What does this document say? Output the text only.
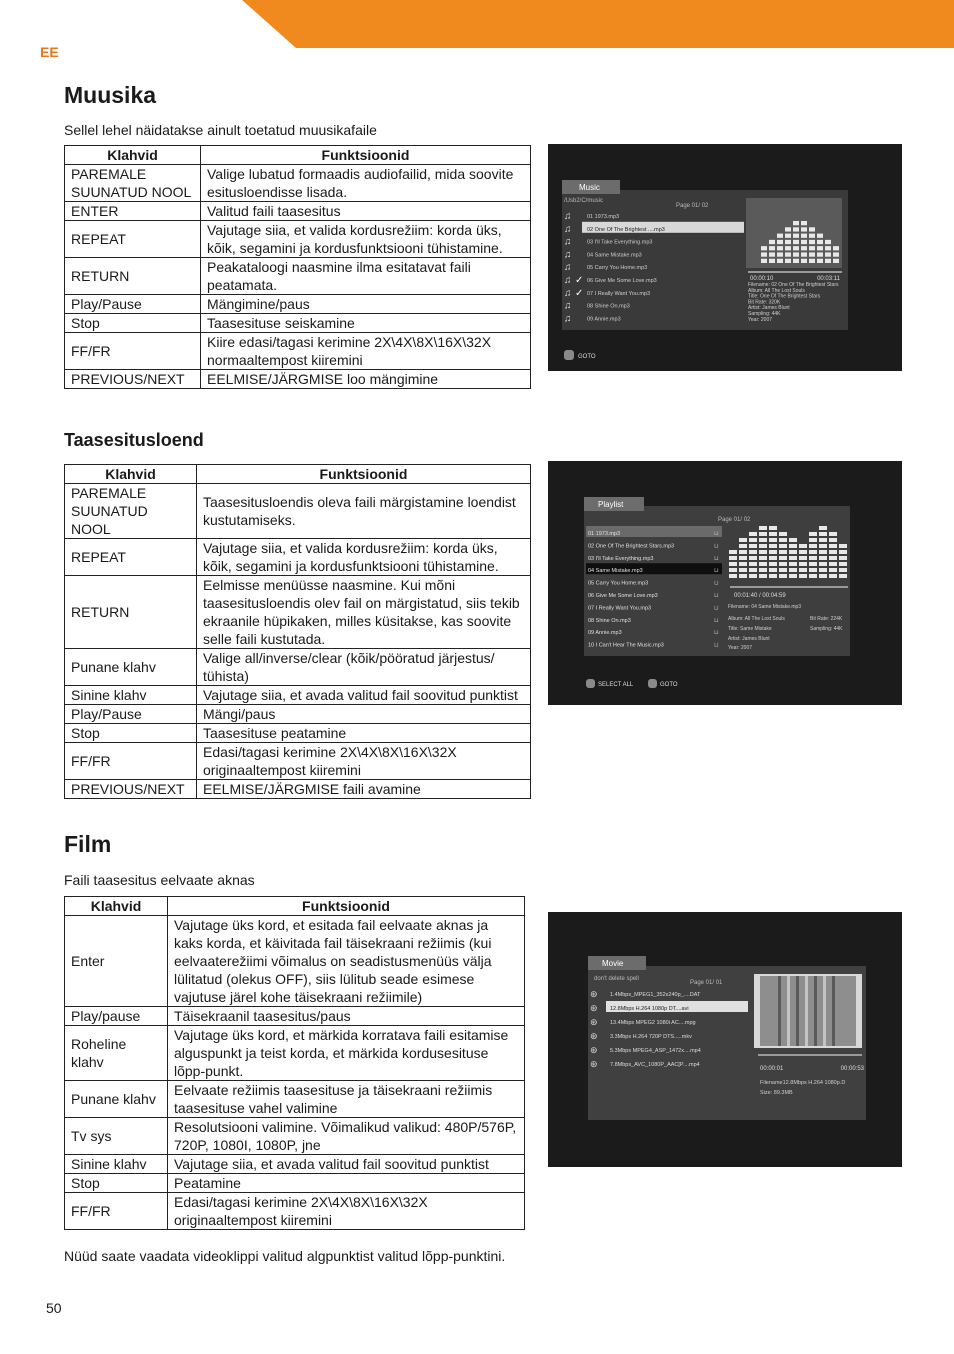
EE
Muusika
Sellel lehel näidatakse ainult toetatud muusikafaile
Klahvid	Funktsioonid
PAREMALE SUUNATUD NOOL	Valige lubatud formaadis audiofailid, mida soovite esitusloendisse lisada.
ENTER	Valitud faili taasesitus
REPEAT	Vajutage siia, et valida kordusrežiim: korda üks, kõik, segamini ja kordusfunktsiooni tühistamine.
RETURN	Peakataloogi naasmine ilma esitatavat faili peatamata.
Play/Pause	Mängimine/paus
Stop	Taasesituse seiskamine
FF/FR	Kiire edasi/tagasi kerimine 2X\4X\8X\16X\32X normaaltempost kiiremini
PREVIOUS/NEXT	EELMISE/JÄRGMISE loo mängimine
Music
/Usb2/C/music
Page 01/ 02
♫	01 1973.mp3
♫	02 One Of The Brightest ....mp3
♫	03 I'll Take Everything.mp3
♫	04 Same Mistake.mp3
♫	05 Carry You Home.mp3
♫ ✓ 06 Give Me Some Love.mp3
♫ ✓ 07 I Really Want You.mp3
♫	08 Shine On.mp3
♫	09 Annie.mp3
00:00:10	00:03:11
Filename: 02 One Of The Brightest Stars
Album: All The Lost Souls
Title: One Of The Brightest Stars
Bit Rate: 320K
Artist: James Blunt
Sampling: 44K
Year: 2007
GOTO
Taasesitusloend
Klahvid	Funktsioonid
PAREMALE SUUNATUD NOOL	Taasesitusloendis oleva faili märgistamine loendist kustutamiseks.
REPEAT	Vajutage siia, et valida kordusrežiim: korda üks, kõik, segamini ja kordusfunktsiooni tühistamine.
RETURN	Eelmisse menüüsse naasmine. Kui mõni taasesitusloendis olev fail on märgistatud, siis tekib ekraanile hüpikaken, milles küsitakse, kas soovite selle faili kustutada.
Punane klahv	Valige all/inverse/clear (kõik/pööratud järjestus/ tühista)
Sinine klahv	Vajutage siia, et avada valitud fail soovitud punktist
Play/Pause	Mängi/paus
Stop	Taasesituse peatamine
FF/FR	Edasi/tagasi kerimine 2X\4X\8X\16X\32X originaaltempost kiiremini
PREVIOUS/NEXT	EELMISE/JÄRGMISE faili avamine
Playlist
Page 01/ 02
01 1973.mp3	⊔
02 One Of The Brightest Stars.mp3	⊔
03 I'll Take Everything.mp3	⊔
04 Same Mistake.mp3	⊔
05 Carry You Home.mp3	⊔
06 Give Me Some Love.mp3	⊔
07 I Really Want You.mp3	⊔
08 Shine On.mp3	⊔
09 Annie.mp3	⊔
10 I Can't Hear The Music.mp3	⊔
00:01:40 / 00:04:59
Filename: 04 Same Mistake.mp3
Album: All The Lost Souls	Bit Rate: 224K
Title: Same Mistake	Sampling: 44K
Artist: James Blunt
Year: 2007
SELECT ALL	GOTO
Film
Faili taasesitus eelvaate aknas
Klahvid	Funktsioonid
Enter	Vajutage üks kord, et esitada fail eelvaate aknas ja kaks korda, et käivitada fail täisekraani režiimis (kui eelvaaterežiimi võimalus on seadistusmenüüs välja lülitatud (olekus OFF), siis lülitub seade esimese vajutuse järel kohe täisekraani režiimile)
Play/pause	Täisekraanil taasesitus/paus
Roheline klahv	Vajutage üks kord, et märkida korratava faili esitamise alguspunkt ja teist korda, et märkida kordusesituse lõpp-punkt.
Punane klahv	Eelvaate režiimis taasesituse ja täisekraani režiimis taasesituse vahel valimine
Tv sys	Resolutsiooni valimine. Võimalikud valikud: 480P/576P, 720P, 1080I, 1080P, jne
Sinine klahv	Vajutage siia, et avada valitud fail soovitud punktist
Stop	Peatamine
FF/FR	Edasi/tagasi kerimine 2X\4X\8X\16X\32X originaaltempost kiiremini
Movie
don't delete spell
Page 01/ 01
⊛ 1.4Mbps_MPEG1_352x240p_....DAT
⊛ 12.8Mbps H.264 1080p DT....avi
⊛ 13.4Mbps MPEG2 1080i AC....mpg
⊛ 3.3Mbps H.264 720P DTS.....mkv
⊛ 5.3Mbps MPEG4_ASP_1472x....mp4
⊛ 7.8Mbps_AVC_1080P_AAC[P....mp4
00:00:01	00:00:53
Filename12.8Mbps H.264 1080p.D
Size: 89.3MB
Nüüd saate vaadata videoklippi valitud algpunktist valitud lõpp-punktini.
50
